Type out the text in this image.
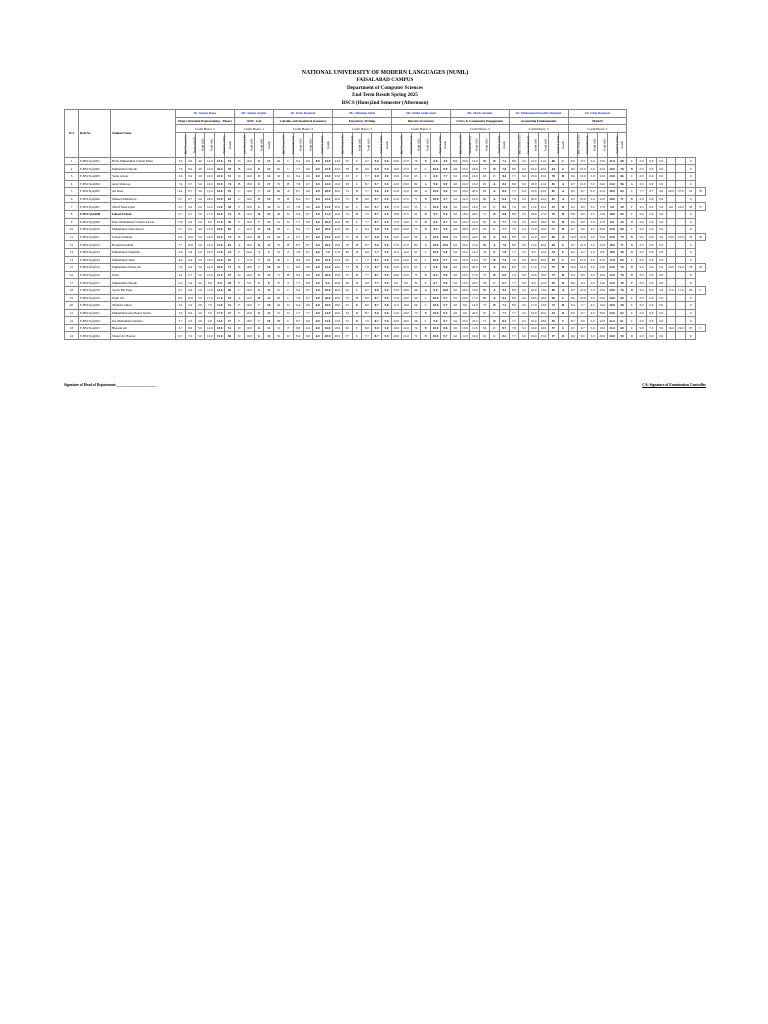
NATIONAL UNIVERSITY OF MODERN LANGUAGES (NUML)
FAISALABAD CAMPUS
Department of Computer Sciences
End Term Result Spring 2025
BSCS (Hons)2nd Semester (Afternoon)
Sr #	Roll No	Student Name	Dr. Naeem Raza						Mr. Adnan Asghar				Dr. Irfan Rasheed						Ms. Tehmina Sohil						Mr. Abdul Amin Saeli						Ms. Maria Junaid						Dr. Muhammad Kashif Ghumbal						Dr. Irfan Rasheed													
			Object Oriented Programming - Theory						OOP - Lab				Calculus and Analytical Geometry						Expository Writing						Discrete Structures						Civics & Community Engagement						Accounting Fundamentals						Math II													
			Credit Hours: 2						Credit Hours: 1				Credit Hours: 3						Credit Hours: 3						Credit Hours: 3						Credit Hours: 3						Credit Hours: 3						Credit Hours: 3													
			Mid Term (12)	Sessional (8)	Final (20)	Total (40)	Total % (100)	Grade	Lab Work (20)	Final (20)	Total (40)	Grade	Mid Term (18)	Sessional (12)	Final (30)	Total (60)	Total % (100)	Grade	Mid Term (18)	Sessional (12)	Final (30)	Total (60)	Total % (100)	Grade	Mid Term (18)	Sessional (12)	Final (30)	Total (60)	Total % (100)	Grade	Mid Term (18)	Sessional (12)	Final (30)	Total (60)	Total % (100)	Grade	Mid Term (18)	Sessional (12)	Final (30)	Total (60)	Total % (100)	Grade	Mid Term (18)	Sessional (12)	Final (30)	Total (60)	Total % (100)	Grade								
1	F-BSCS(A)001	Hafiz Muhammad Usman Khan	3.0	9.0	4.0	12.0	13.0	53	D	16.0	8	13	64	C	9.4	6.0	8.0	23.0	23.0	55	C	6.7	9.0	5.0	20.0	27.0	79	B	6.0	4.5	8.0	20.0	19.0	80	B	7.2	8.0	4.5	21.0	21.0	66	C	9.6	9.3	5.0	25.0	21.0	68	C	0.0	0.0	0.0			0	
2	F-BSCS(A)002	Muhammad Shoaib	7.0	8.4	4.0	14.0	20.0	78	B	14.0	8	14	65	C	7.7	9.0	6.0	22.0	22.0	78	B	9.0	9.0	5.0	19.0	27.0	67	C	10.0	9.0	4.0	23.0	24.0	73	B	7.8	8.0	4.5	19.0	20.0	64	C	9.6	10.0	5.0	22.0	20.0	78	B	0.0	0.0	0.0			0	
3	F-BSCS(A)003	Sania Anwar	3.6	9.4	4.0	16.0	22.0	51	D	16.0	8	12	32	D	9.4	9.0	6.0	23.0	23.0	63	C	7.7	9.0	4.0	19.0	23.0	63	C	6.0	7.7	5.0	23.0	16.0	60	C	8.4	7.7	5.0	25.0	25.0	78	B	9.6	10.0	5.0	22.0	23.0	66	C	0.0	0.0	0.0			0	
4	F-BSCS(A)004	Ayaz Mansoor	7.4	9.7	5.0	19.0	19.0	74	B	18.0	8	17	72	B	7.8	9.7	6.0	22.0	16.0	68	C	8.7	9.7	5.0	22.0	20.0	82	A	9.0	9.0	4.0	22.0	16.0	81	A	8.4	8.0	5.0	20.0	21.0	82	A	9.7	10.0	5.0	24.0	23.0	96	A	0.0	0.0	0.0			0	
5	F-BSCS(A)005	Ali Raza	4.4	8.7	3.0	15.0	18.0	55	C	19.0	7	13	80	A	8.7	9.0	6.0	20.0	20.0	74	B	7.7	9.6	4.0	21.0	21.0	80	A	10.0	9.0	5.0	23.0	20.0	83	A	8.4	7.5	5.0	23.0	22.0	82	A	8.5	9.7	6.0	21.0	20.0	64	C	7.7	9.7	4.0	20.0	27.0	61	B
6	F-BSCS(A)006	Muneeb Mehmood	6.7	8.7	5.0	18.0	19.0	63	C	16.0	8	15	79	B	8.4	9.7	6.0	22.0	20.0	72	B	9.0	9.7	5.0	21.0	27.0	71	B	10.0	9.7	5.0	22.0	19.0	80	A	8.4	7.6	4.5	20.0	22.0	81	A	9.2	10.0	5.0	22.0	20.0	71	B	0.0	0.0	0.0			0	
7	F-BSCS(A)007	Sharif Nisar Iqbal	3.3	9.0	2.0	16.0	11.0	30	F	10.0	6	11	51	D	7.8	9.0	6.0	12.0	20.0	60	C	8.0	9.7	4.0	17.0	22.0	55	C	10.0	9.0	3.0	20.0	19.0	63	C	8.4	7.6	3.0	11.0	25.0	53	D	9.2	9.0	5.0	17.0	5.0	30	F	9.5	9.0	5.0	9.0	16.0	33	F
8	F-BSCS(A)008	Fahad Arshad	6.7	9.7	5.0	17.0	16.0	74	B	12.0	11	19	40	D	9.4	9.7	5.0	11.0	16.0	74	B	7.0	8.7	5.0	18.0	27.0	61	B	9.7	9.0	5.0	18.0	29.0	71	B	8.8	8.0	4.5	19.0	17.0	76	B	8.8	9.0	4.5	13.0	18.0	60	C	0.0	0.0	0.0			0	
9	F-BSCS(A)009	Rana Muhammad Usman Sarwar	5.6	9.4	2.0	9.0	17.0	39	F	10.0	7	12	51	D	7.7	8.0	6.0	20.0	16.0	68	C	7.7	8.7	5.0	17.0	16.0	73	B	8.4	8.7	5.0	23.0	21.0	81	A	7.7	7.9	4.5	16.0	18.0	72	B	8.6	9.0	5.0	17.0	8.0	44	D	0.0	0.0	0.0			0	
10	F-BSCS(A)010	Muhammad Saim Ansari	5.7	9.5	4.0	14.0	18.0	65	C	11.0	8	10	59	C	8.4	7.7	6.0	20.0	22.0	66	C	8.4	9.0	5.0	20.0	20.0	73	B	8.4	9.0	4.0	20.0	25.0	65	C	7.7	7.9	4.3	15.0	16.0	71	B	6.7	9.0	4.5	20.0	22.0	68	C	0.0	0.0	0.0			0	
11	F-BSCS(A)011	Usman Ghulam	6.4	10.0	5.0	16.0	19.0	74	B	16.0	11	12	94	A	9.7	8.7	6.0	23.0	20.0	72	B	8.7	9.0	5.0	22.0	24.0	90	A	10.0	10.0	5.0	23.0	24.0	84	A	9.4	8.0	5.0	21.0	16.0	96	A	10.0	10.0	5.0	23.0	22.0	79	B	9.6	9.0	5.0	23.0	10.0	79	B
12	F-BSCS(A)012	Hasnain Ibrahim	7.7	10.0	5.0	19.0	13.0	81	A	16.0	11	11	75	B	8.7	8.7	6.0	20.0	18.0	78	B	8.7	9.0	5.0	17.0	21.0	83	A	10.0	10.0	5.0	20.0	15.0	80	A	7.0	8.0	4.0	13.0	20.0	65	C	9.7	10.0	5.0	22.0	16.0	71	B	0.0	0.0	0.0			0	
13	F-BSCS(A)013	Muhammad Shahzaib	2.6	3.4	2.0	10.0	12.0	24	F	24.0	3	3	31	F	7.8	8.7	6.0	7.0	17.0	49	D	6.0	7.7	5.0	11.0	12.0	67	C	10.0	9.0	5.0	21.0	12.0	34	F	7.8	7.7	3.5	9.0	12.0	34	F	9.2	5.2	4.0	8.0	18.0	40	D	0.0	0.0	0.0			0	
14	F-BSCS(A)014	Muhammad Tahir	4.4	9.4	5.0	16.0	22.0	55	C	17.0	7	12	56	C	8.4	9.0	6.0	19.0	22.0	62	C	7.7	8.7	5.0	15.0	22.0	62	C	10.0	9.7	5.0	22.0	14.0	75	B	7.4	7.6	4.0	20.0	20.0	59	C	9.2	10.0	5.0	21.0	17.0	66	C	0.0	0.0	0.0			0	
15	F-BSCS(A)015	Muhammad Ehsan Ali	7.0	9.0	5.0	19.0	20.0	73	B	18.0	7	10	56	C	8.0	9.0	6.0	22.0	20.0	73	B	7.0	8.7	5.0	22.0	21.0	63	C	8.0	9.0	4.0	23.0	20.0	81	A	8.2	8.0	4.5	17.0	17.0	75	B	10.0	10.0	5.0	23.0	22.0	76	B	9.0	9.0	5.0	23.0	19.0	78	B
16	F-BSCS(A)016	Umer	4.4	6.7	5.0	10.0	13.0	47	D	16.0	6	11	71	B	8.4	9.0	6.0	20.0	19.0	75	B	7.7	8.7	5.0	20.0	22.0	73	B	8.4	9.0	4.0	23.0	17.0	73	B	6.9	7.4	5.0	19.0	18.0	73	B	9.4	9.0	5.0	16.0	22.0	78	B	0.0	0.0	0.0			0	
17	F-BSCS(A)017	Muhammad Shoaib	2.0	5.4	3.0	9.0	9.0	28	F	9.4	5	8	37	F	7.7	8.0	6.0	9.0	20.0	48	D	6.0	7.7	5.0	6.0	9.0	34	F	6.7	9.0	5.0	13.0	20.0	56	C	6.7	7.7	5.0	9.0	12.0	45	D	8.6	9.4	5.0	14.0	22.0	39	F	0.0	0.0	0.0			0	
18	F-BSCS(A)018	Syeda Bia Fiqar	6.7	9.4	5.0	11.0	14.0	60	C	10.0	8	11	57	C	9.4	9.7	6.0	20.0	20.0	62	C	8.7	9.0	5.0	23.0	20.0	90	A	9.0	10.0	5.0	20.0	14.0	80	A	9.2	8.0	4.5	22.0	13.0	80	A	8.7	10.0	5.0	22.0	20.0	76	B	9.0	9.0	5.0	17.0	17.0	65	C
19	F-BSCS(A)019	Najib Ali	8.4	10.0	5.0	17.0	17.0	81	A	12.0	11	11	65	C	7.8	8.7	6.0	20.0	20.0	70	B	8.0	8.7	5.0	17.0	19.0	60	C	10.0	9.7	5.0	20.0	17.0	80	A	8.1	8.0	4.0	19.0	18.0	60	C	9.6	10.0	5.0	22.0	20.0	66	C	0.0	0.0	0.0			0	
20	F-BSCS(A)020	Shamsul Abbas	3.4	5.0	2.0	7.0	11.0	31	F	10.0	7	10	42	D	9.4	9.0	6.0	16.0	18.0	53	D	8.0	8.7	5.0	11.0	16.0	60	C	10.0	9.7	4.0	9.0	13.0	73	B	7.2	8.0	3.0	17.0	13.0	73	B	9.4	7.7	4.5	16.0	20.0	58	C	0.0	0.0	0.0			0	
21	F-BSCS(A)021	Muhammad Abu Bakar Sultan	3.0	8.4	2.0	5.0	17.0	37	F	10.0	8	11	51	D	7.7	7.7	6.0	14.0	20.0	54	D	8.7	9.0	5.0	12.0	20.0	73	B	10.0	9.4	4.0	9.0	20.0	67	C	7.7	7.7	4.5	16.0	20.0	43	D	9.6	9.7	4.5	20.0	22.0	62	C	0.0	0.0	0.0			0	
22	F-BSCS(A)022	Rai Muhammad Ahmed	3.7	2.0	3.0	4.0	11.0	27	F	18.0	7	10	58	C	8.7	9.0	6.0	12.0	12.0	52	D	7.0	8.7	5.0	20.0	20.0	69	C	9.0	9.7	3.0	23.0	22.0	71	B	8.2	7.7	4.5	16.0	18.0	55	C	8.7	9.0	5.0	22.0	21.0	61	C	0.0	0.0	0.0			0	
23	F-BSCS(A)023	Hussain Ali	3.7	8.0	5.0	14.0	18.0	51	D	10.0	6	11	31	F	8.8	9.4	6.0	16.0	18.0	60	C	8.0	9.0	5.0	19.0	22.0	74	B	10.0	8.0	3.0	13.0	11.0	56	C	8.7	7.9	3.5	16.0	16.0	57	C	9.7	9.7	5.0	19.0	21.0	60	C	9.0	7.0	5.0	16.0	19.0	67	C
24	F-BSCS(A)024	Shazeb Ul Hassan	6.7	7.0	5.0	12.0	15.0	50	D	10.0	6	11	52	D	8.4	9.0	6.0	20.0	20.0	57	C	7.7	8.7	5.0	20.0	21.0	72	B	10.0	9.7	4.0	11.0	16.0	61	C	8.2	7.7	5.0	19.0	15.0	47	D	9.6	9.0	5.0	20.0	20.0	50	D	0.0	0.0	0.0			0	
Signature of Head of Department:______________________	CA: Signature of Examination Controller
